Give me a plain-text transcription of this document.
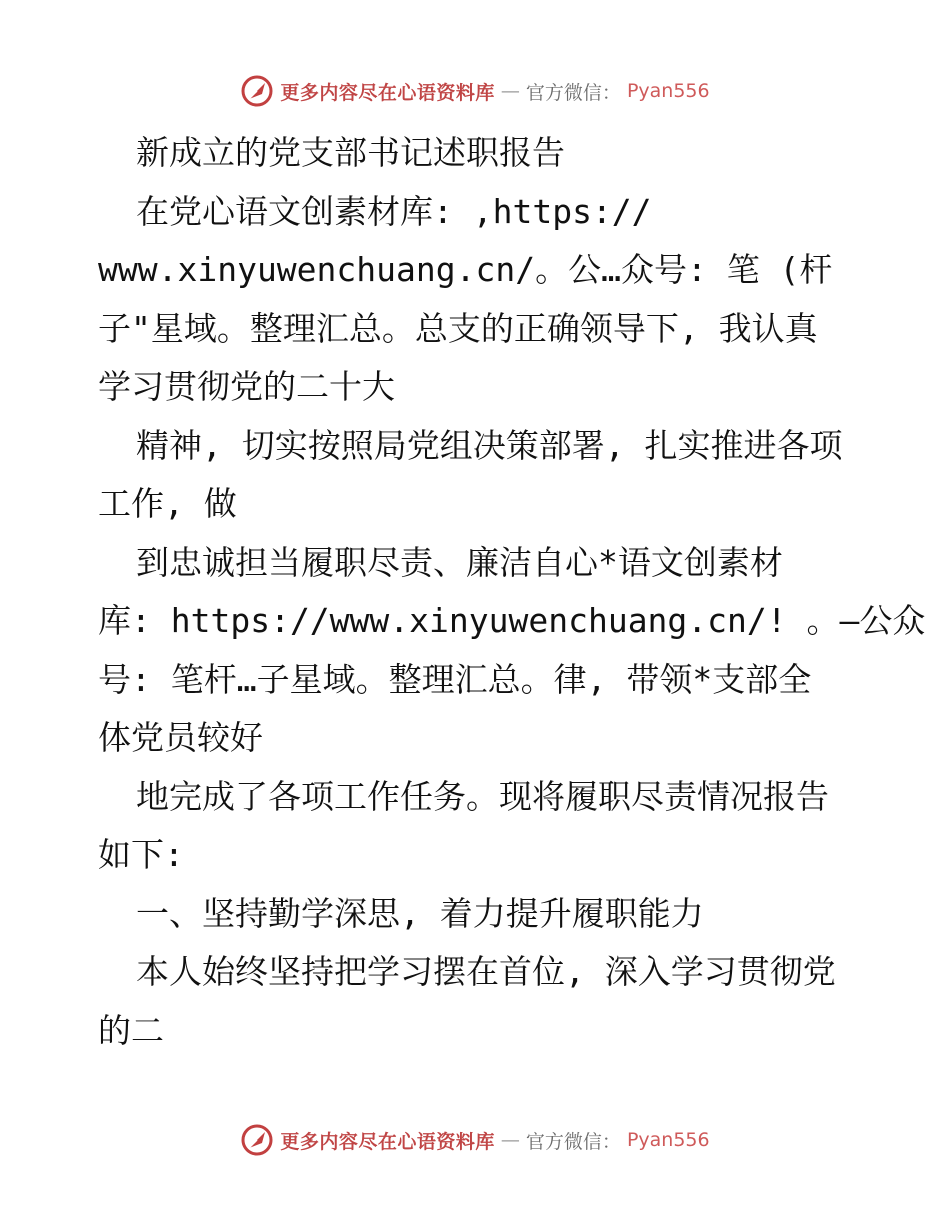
更多内容尽在心语资料库 — 官方微信： Pyan556
新成立的党支部书记述职报告
在党心语文创素材库: ,https://
www.xinyuwenchuang.cn/。公…众号: 笔 (杆
子"星域。整理汇总。总支的正确领导下, 我认真
学习贯彻党的二十大
精神, 切实按照局党组决策部署, 扎实推进各项
工作, 做
到忠诚担当履职尽责、廉洁自心*语文创素材
库: https://www.xinyuwenchuang.cn/! 。—公众
号: 笔杆…子星域。整理汇总。律, 带领*支部全
体党员较好
地完成了各项工作任务。现将履职尽责情况报告
如下:
一、坚持勤学深思, 着力提升履职能力
本人始终坚持把学习摆在首位, 深入学习贯彻党
的二
更多内容尽在心语资料库 — 官方微信： Pyan556
